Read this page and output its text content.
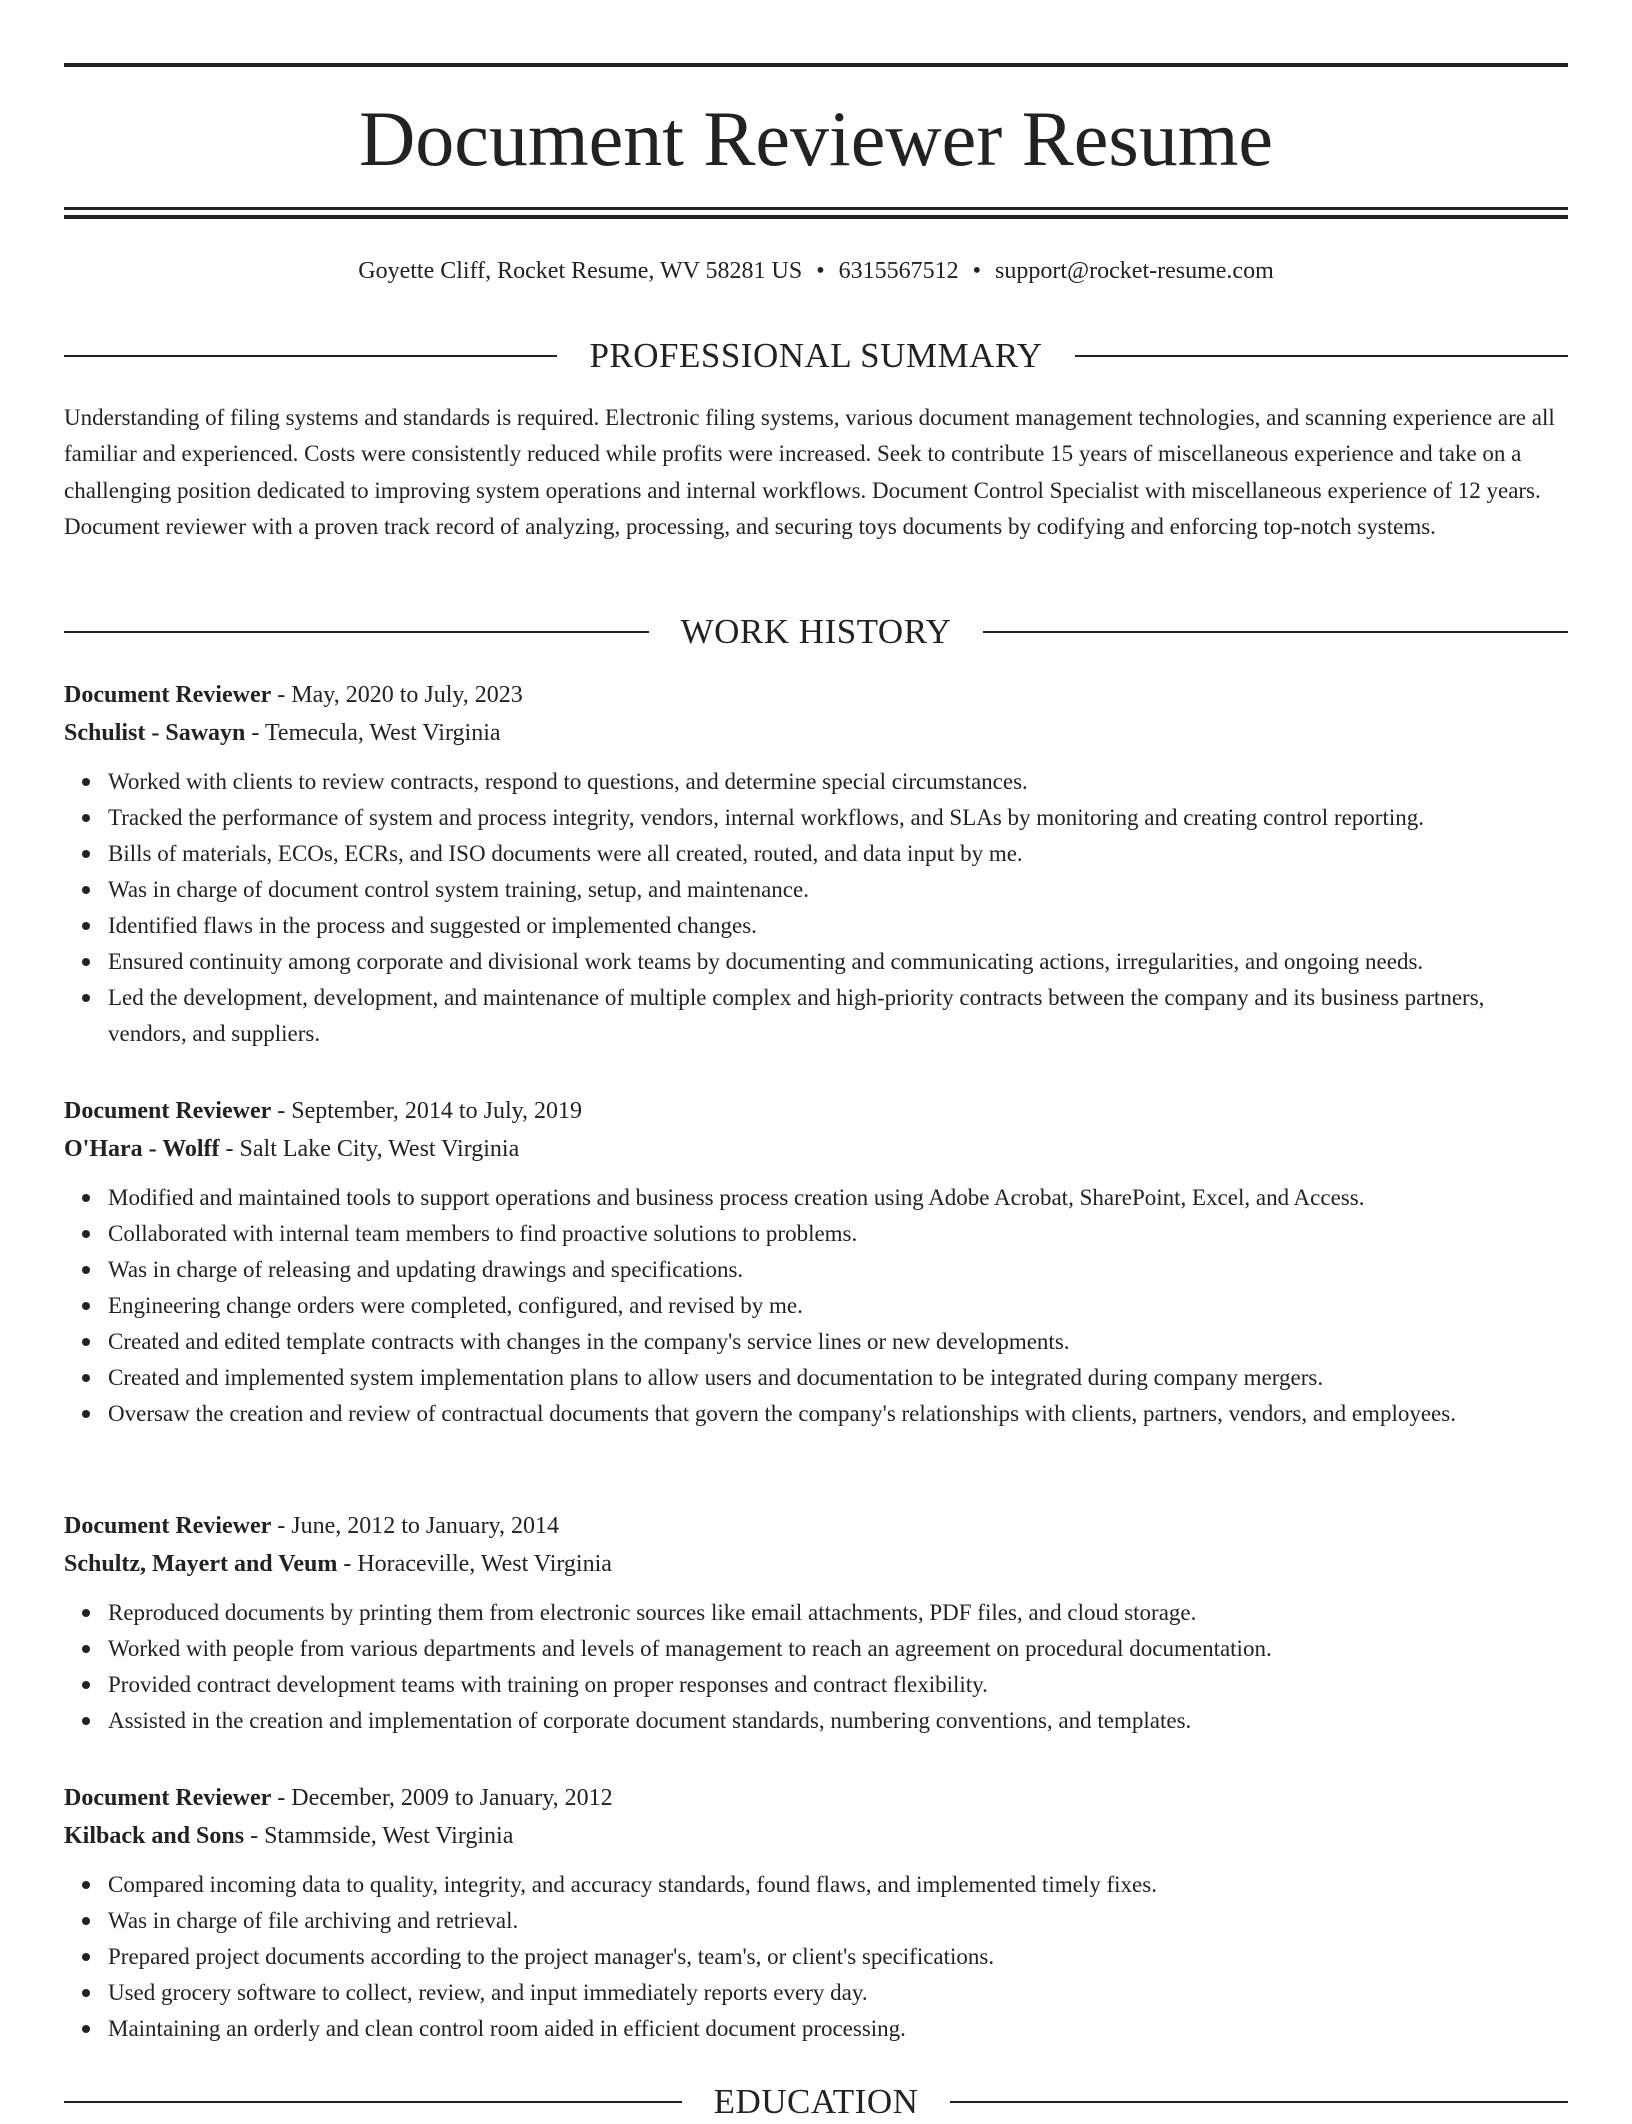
Document Reviewer Resume
Goyette Cliff, Rocket Resume, WV 58281 US • 6315567512 • support@rocket-resume.com
PROFESSIONAL SUMMARY

Understanding of filing systems and standards is required. Electronic filing systems, various document management technologies, and scanning experience are all familiar and experienced. Costs were consistently reduced while profits were increased. Seek to contribute 15 years of miscellaneous experience and take on a challenging position dedicated to improving system operations and internal workflows. Document Control Specialist with miscellaneous experience of 12 years. Document reviewer with a proven track record of analyzing, processing, and securing toys documents by codifying and enforcing top-notch systems.

WORK HISTORY

Document Reviewer - May, 2020 to July, 2023

Schulist - Sawayn - Temecula, West Virginia

Worked with clients to review contracts, respond to questions, and determine special circumstances.
Tracked the performance of system and process integrity, vendors, internal workflows, and SLAs by monitoring and creating control reporting.
Bills of materials, ECOs, ECRs, and ISO documents were all created, routed, and data input by me.
Was in charge of document control system training, setup, and maintenance.
Identified flaws in the process and suggested or implemented changes.
Ensured continuity among corporate and divisional work teams by documenting and communicating actions, irregularities, and ongoing needs.
Led the development, development, and maintenance of multiple complex and high-priority contracts between the company and its business partners, vendors, and suppliers.

Document Reviewer - September, 2014 to July, 2019

O'Hara - Wolff - Salt Lake City, West Virginia

Modified and maintained tools to support operations and business process creation using Adobe Acrobat, SharePoint, Excel, and Access.
Collaborated with internal team members to find proactive solutions to problems.
Was in charge of releasing and updating drawings and specifications.
Engineering change orders were completed, configured, and revised by me.
Created and edited template contracts with changes in the company's service lines or new developments.
Created and implemented system implementation plans to allow users and documentation to be integrated during company mergers.
Oversaw the creation and review of contractual documents that govern the company's relationships with clients, partners, vendors, and employees.

Document Reviewer - June, 2012 to January, 2014

Schultz, Mayert and Veum - Horaceville, West Virginia

Reproduced documents by printing them from electronic sources like email attachments, PDF files, and cloud storage.
Worked with people from various departments and levels of management to reach an agreement on procedural documentation.
Provided contract development teams with training on proper responses and contract flexibility.
Assisted in the creation and implementation of corporate document standards, numbering conventions, and templates.

Document Reviewer - December, 2009 to January, 2012

Kilback and Sons - Stammside, West Virginia

Compared incoming data to quality, integrity, and accuracy standards, found flaws, and implemented timely fixes.
Was in charge of file archiving and retrieval.
Prepared project documents according to the project manager's, team's, or client's specifications.
Used grocery software to collect, review, and input immediately reports every day.
Maintaining an orderly and clean control room aided in efficient document processing.
EDUCATION
